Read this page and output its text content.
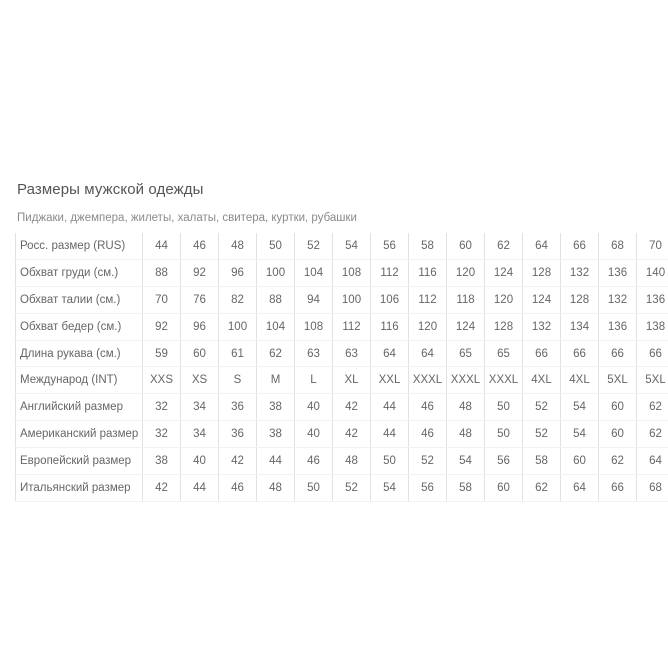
Размеры мужской одежды
Пиджаки, джемпера, жилеты, халаты, свитера, куртки, рубашки
Росс. размер (RUS)	44	46	48	50	52	54	56	58	60	62	64	66	68	70
Обхват груди (см.)	88	92	96	100	104	108	112	116	120	124	128	132	136	140
Обхват талии (см.)	70	76	82	88	94	100	106	112	118	120	124	128	132	136
Обхват бедер (см.)	92	96	100	104	108	112	116	120	124	128	132	134	136	138
Длина рукава (см.)	59	60	61	62	63	63	64	64	65	65	66	66	66	66
Международ (INT)	XXS	XS	S	M	L	XL	XXL	XXXL	XXXL	XXXL	4XL	4XL	5XL	5XL
Английский размер	32	34	36	38	40	42	44	46	48	50	52	54	60	62
Американский размер	32	34	36	38	40	42	44	46	48	50	52	54	60	62
Европейский размер	38	40	42	44	46	48	50	52	54	56	58	60	62	64
Итальянский размер	42	44	46	48	50	52	54	56	58	60	62	64	66	68
